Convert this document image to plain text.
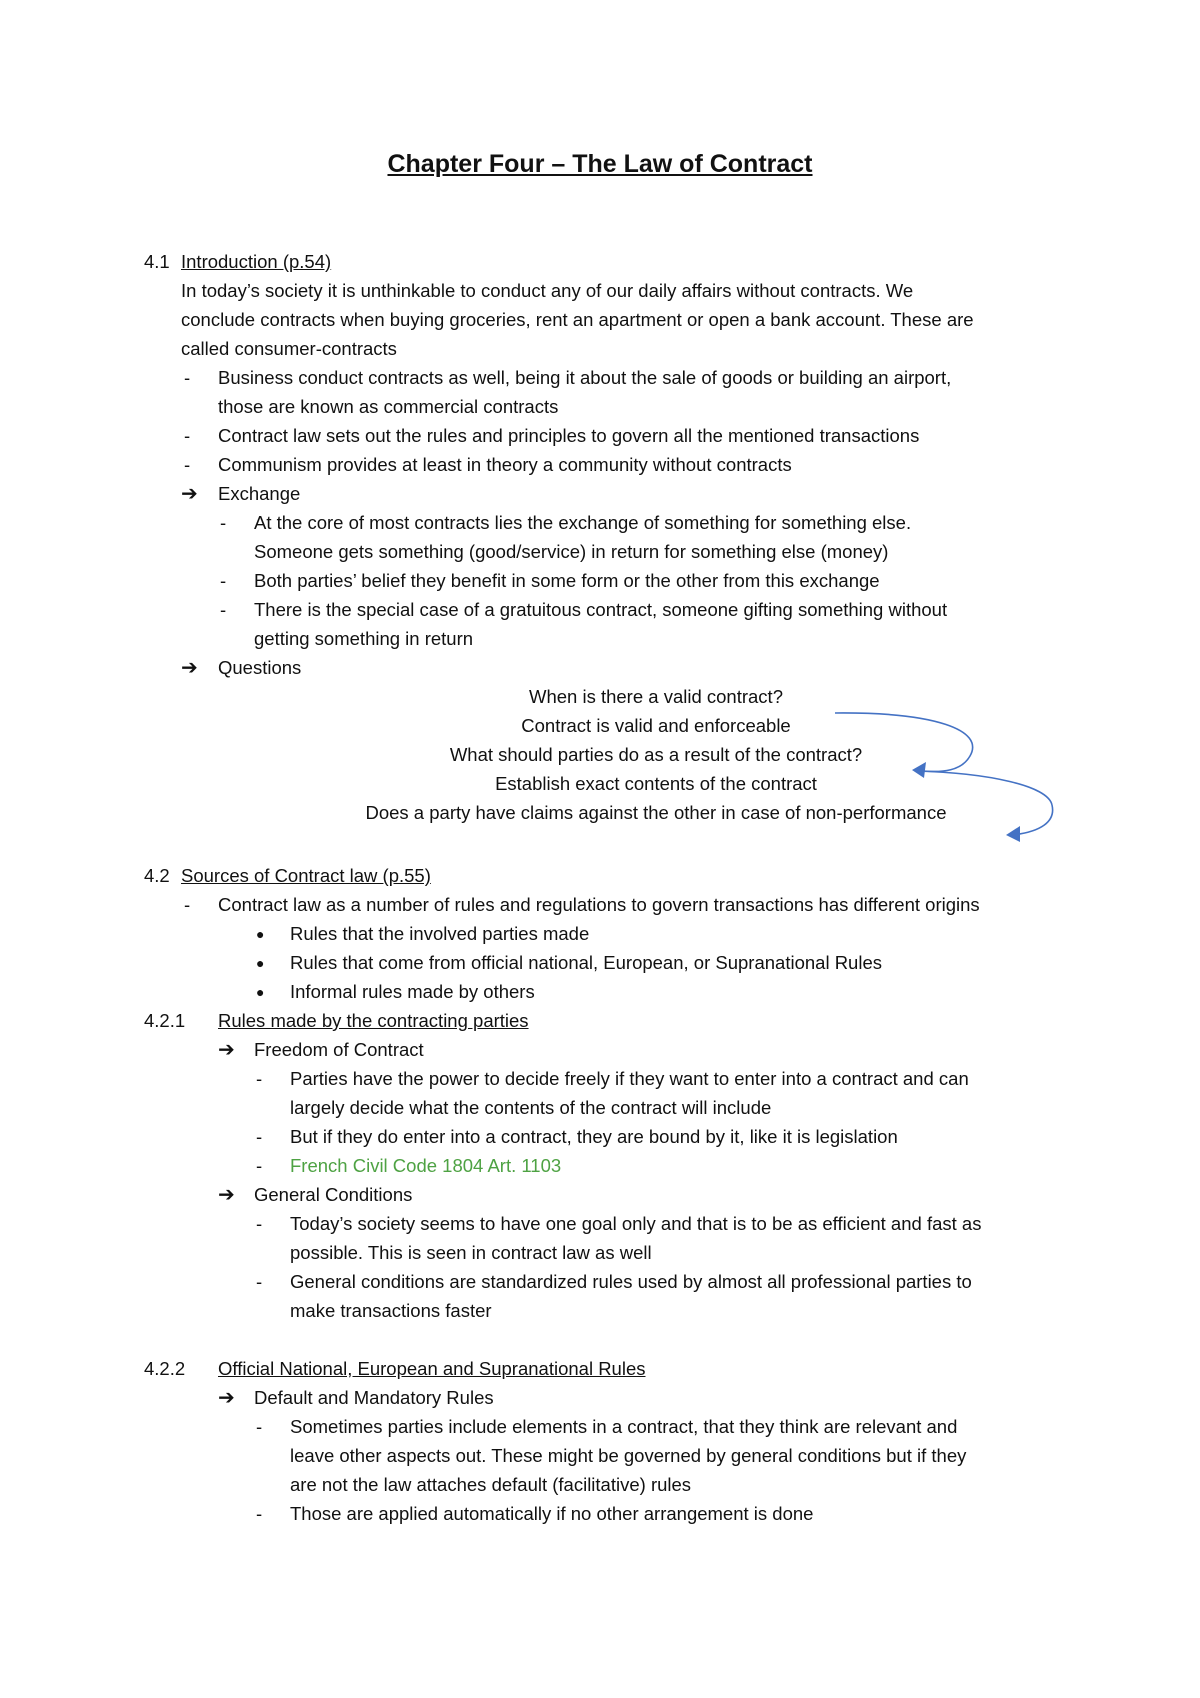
Chapter Four – The Law of Contract
4.1 Introduction (p.54)
In today’s society it is unthinkable to conduct any of our daily affairs without contracts. We
conclude contracts when buying groceries, rent an apartment or open a bank account. These are
called consumer-contracts
- Business conduct contracts as well, being it about the sale of goods or building an airport,
those are known as commercial contracts
- Contract law sets out the rules and principles to govern all the mentioned transactions
- Communism provides at least in theory a community without contracts
➔ Exchange
- At the core of most contracts lies the exchange of something for something else.
Someone gets something (good/service) in return for something else (money)
- Both parties’ belief they benefit in some form or the other from this exchange
- There is the special case of a gratuitous contract, someone gifting something without
getting something in return
➔ Questions
When is there a valid contract?
Contract is valid and enforceable
What should parties do as a result of the contract?
Establish exact contents of the contract
Does a party have claims against the other in case of non-performance
4.2 Sources of Contract law (p.55)
- Contract law as a number of rules and regulations to govern transactions has different origins
● Rules that the involved parties made
● Rules that come from official national, European, or Supranational Rules
● Informal rules made by others
4.2.1 Rules made by the contracting parties
➔ Freedom of Contract
- Parties have the power to decide freely if they want to enter into a contract and can
largely decide what the contents of the contract will include
- But if they do enter into a contract, they are bound by it, like it is legislation
- French Civil Code 1804 Art. 1103
➔ General Conditions
- Today’s society seems to have one goal only and that is to be as efficient and fast as
possible. This is seen in contract law as well
- General conditions are standardized rules used by almost all professional parties to
make transactions faster
4.2.2 Official National, European and Supranational Rules
➔ Default and Mandatory Rules
- Sometimes parties include elements in a contract, that they think are relevant and
leave other aspects out. These might be governed by general conditions but if they
are not the law attaches default (facilitative) rules
- Those are applied automatically if no other arrangement is done
